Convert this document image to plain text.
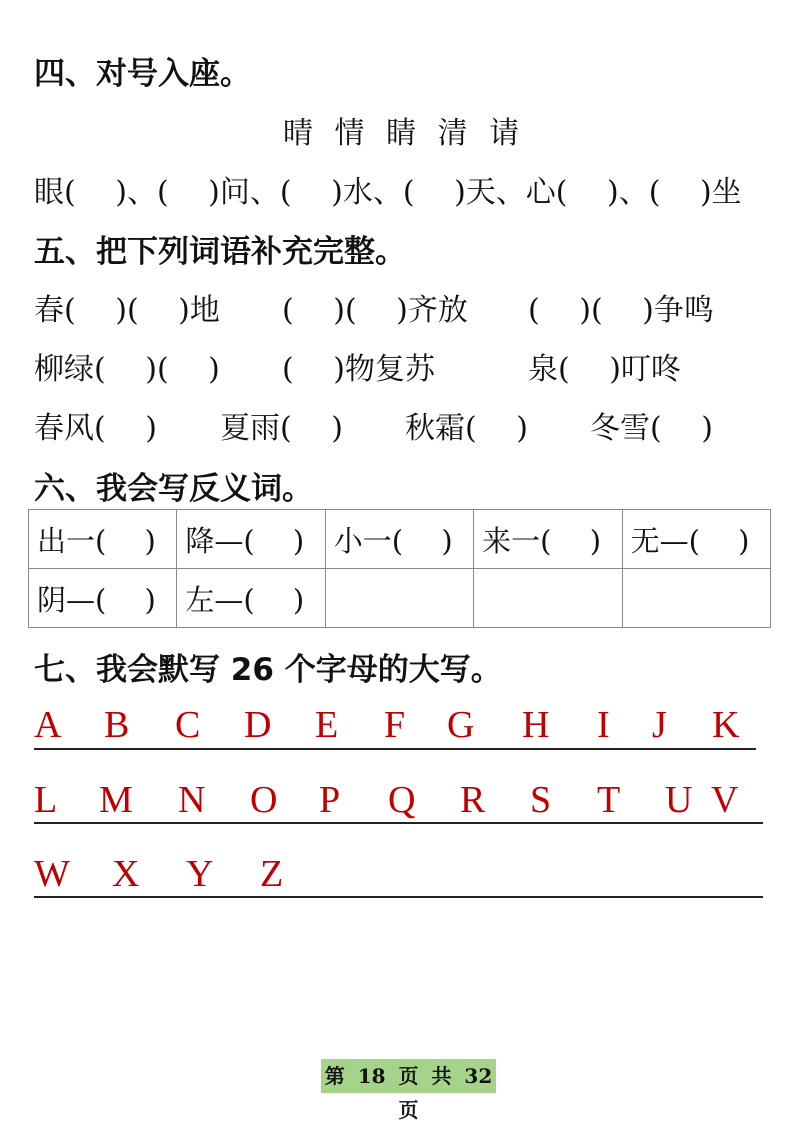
四、对号入座。
晴 情 睛 清 请
眼(　 )、(　 )问、(　 )水、(　 )天、心(　 )、(　 )坐
五、把下列词语补充完整。
春(　 )(　 )地 (　 )(　 )齐放 (　 )(　 )争鸣
柳绿(　 )(　 ) (　 )物复苏	泉(　 )叮咚
春风(　 ) 夏雨(　 ) 秋霜(　 ) 冬雪(　 )
六、我会写反义词。
出一(　 )	降—(　 )	小一(　 )	来一(　 )	无—(　 )
阴—(　 )	左—(　 )			
七、我会默写 26 个字母的大写。
A B C D E F G H I J K
L M N O P Q R S T U V
W X Y Z
第 18 页 共 32 页
